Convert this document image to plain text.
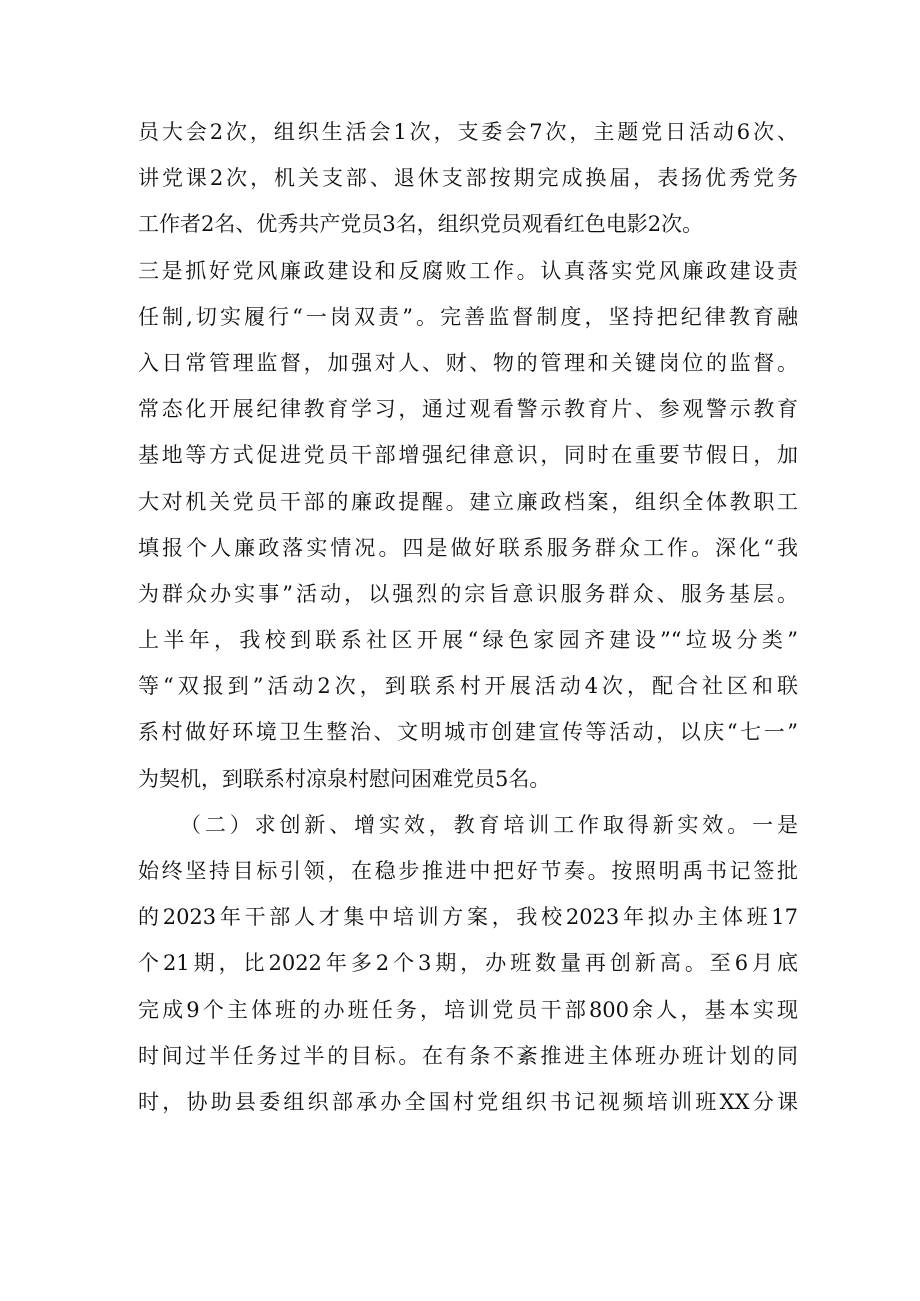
员大会2次，组织生活会1次，支委会7次，主题党日活动6次、
讲党课2次，机关支部、退休支部按期完成换届，表扬优秀党务
工作者2名、优秀共产党员3名，组织党员观看红色电影2次。
三是抓好党风廉政建设和反腐败工作。认真落实党风廉政建设责
任制,切实履行“一岗双责”。完善监督制度，坚持把纪律教育融
入日常管理监督，加强对人、财、物的管理和关键岗位的监督。
常态化开展纪律教育学习，通过观看警示教育片、参观警示教育
基地等方式促进党员干部增强纪律意识，同时在重要节假日，加
大对机关党员干部的廉政提醒。建立廉政档案，组织全体教职工
填报个人廉政落实情况。四是做好联系服务群众工作。深化“我
为群众办实事”活动，以强烈的宗旨意识服务群众、服务基层。
上半年，我校到联系社区开展“绿色家园齐建设”“垃圾分类”
等“双报到”活动2次，到联系村开展活动4次，配合社区和联
系村做好环境卫生整治、文明城市创建宣传等活动，以庆“七一”
为契机，到联系村凉泉村慰问困难党员5名。
（二）求创新、增实效，教育培训工作取得新实效。一是
始终坚持目标引领，在稳步推进中把好节奏。按照明禹书记签批
的2023年干部人才集中培训方案，我校2023年拟办主体班17
个21期，比2022年多2个3期，办班数量再创新高。至6月底
完成9个主体班的办班任务，培训党员干部800余人，基本实现
时间过半任务过半的目标。在有条不紊推进主体班办班计划的同
时，协助县委组织部承办全国村党组织书记视频培训班XX分课
